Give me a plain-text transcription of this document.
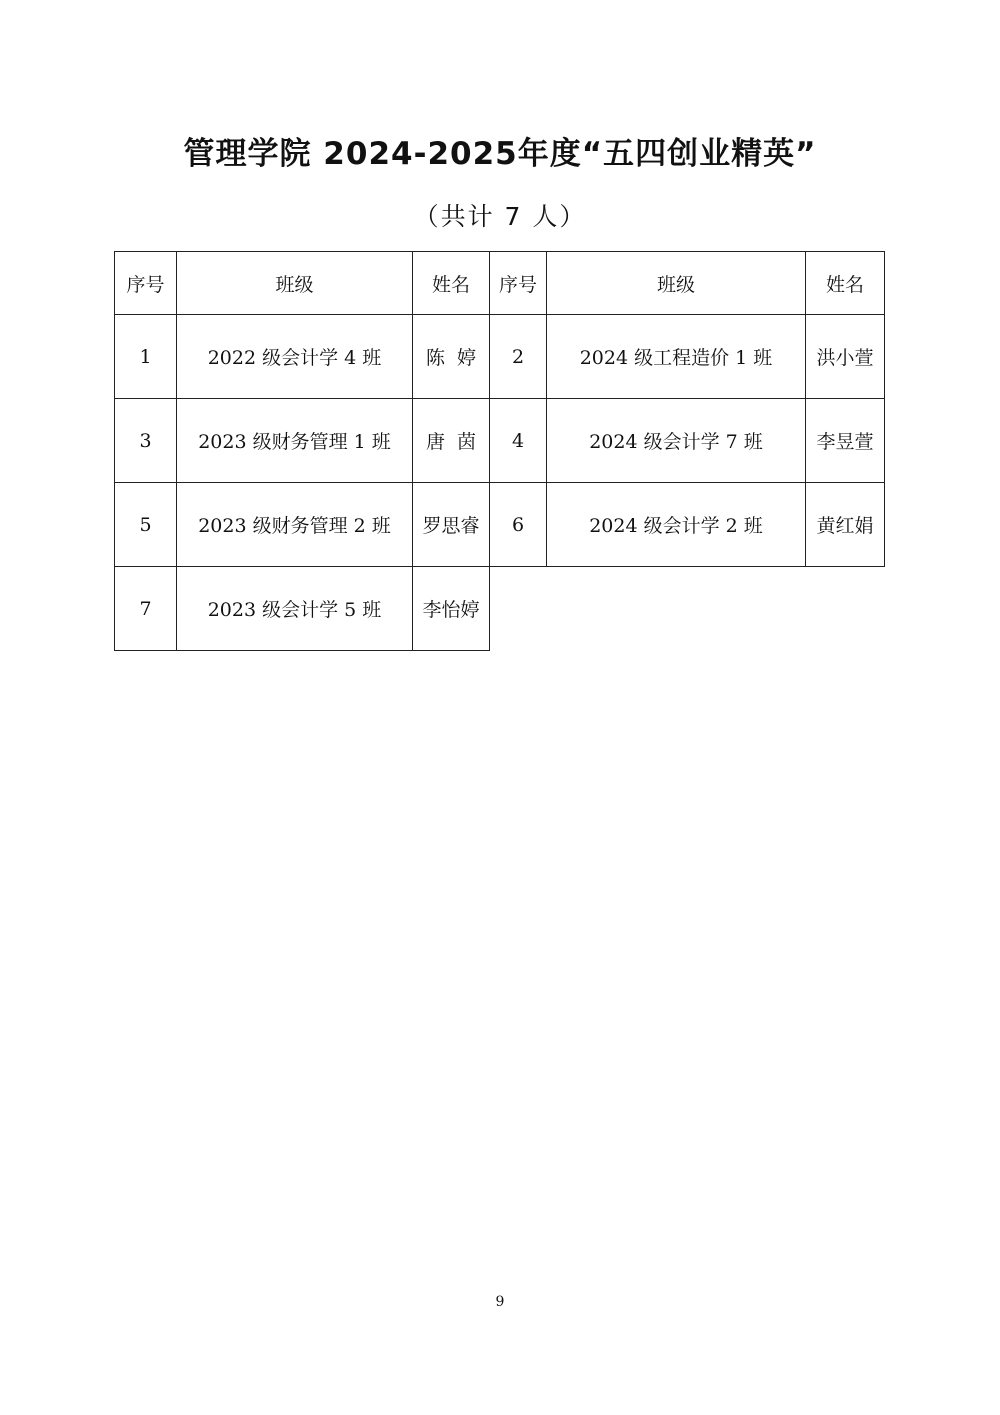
管理学院 2024-2025年度“五四创业精英”
（共计 7 人）
序号	班级	姓名	序号	班级	姓名
1	2022 级会计学 4 班	陈  婷	2	2024 级工程造价 1 班	洪小萱
3	2023 级财务管理 1 班	唐  茵	4	2024 级会计学 7 班	李昱萱
5	2023 级财务管理 2 班	罗思睿	6	2024 级会计学 2 班	黄红娟
7	2023 级会计学 5 班	李怡婷			
9
